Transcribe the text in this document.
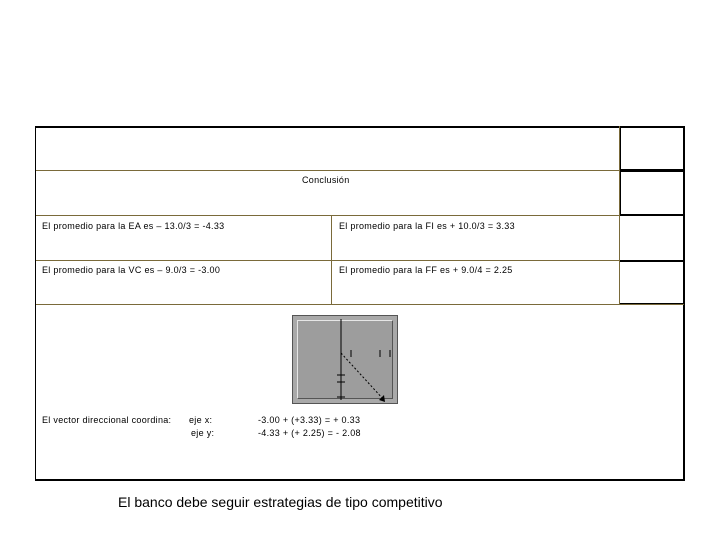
Conclusión
El promedio para la EA es – 13.0/3 = -4.33	El promedio para la FI es + 10.0/3 = 3.33
El promedio para la VC es – 9.0/3 = -3.00	El promedio para la FF es + 9.0/4 = 2.25
El vector direccional coordina: eje x:
eje y:
-3.00 + (+3.33) = + 0.33
-4.33 + (+ 2.25) = - 2.08
El banco debe seguir estrategias de tipo competitivo
